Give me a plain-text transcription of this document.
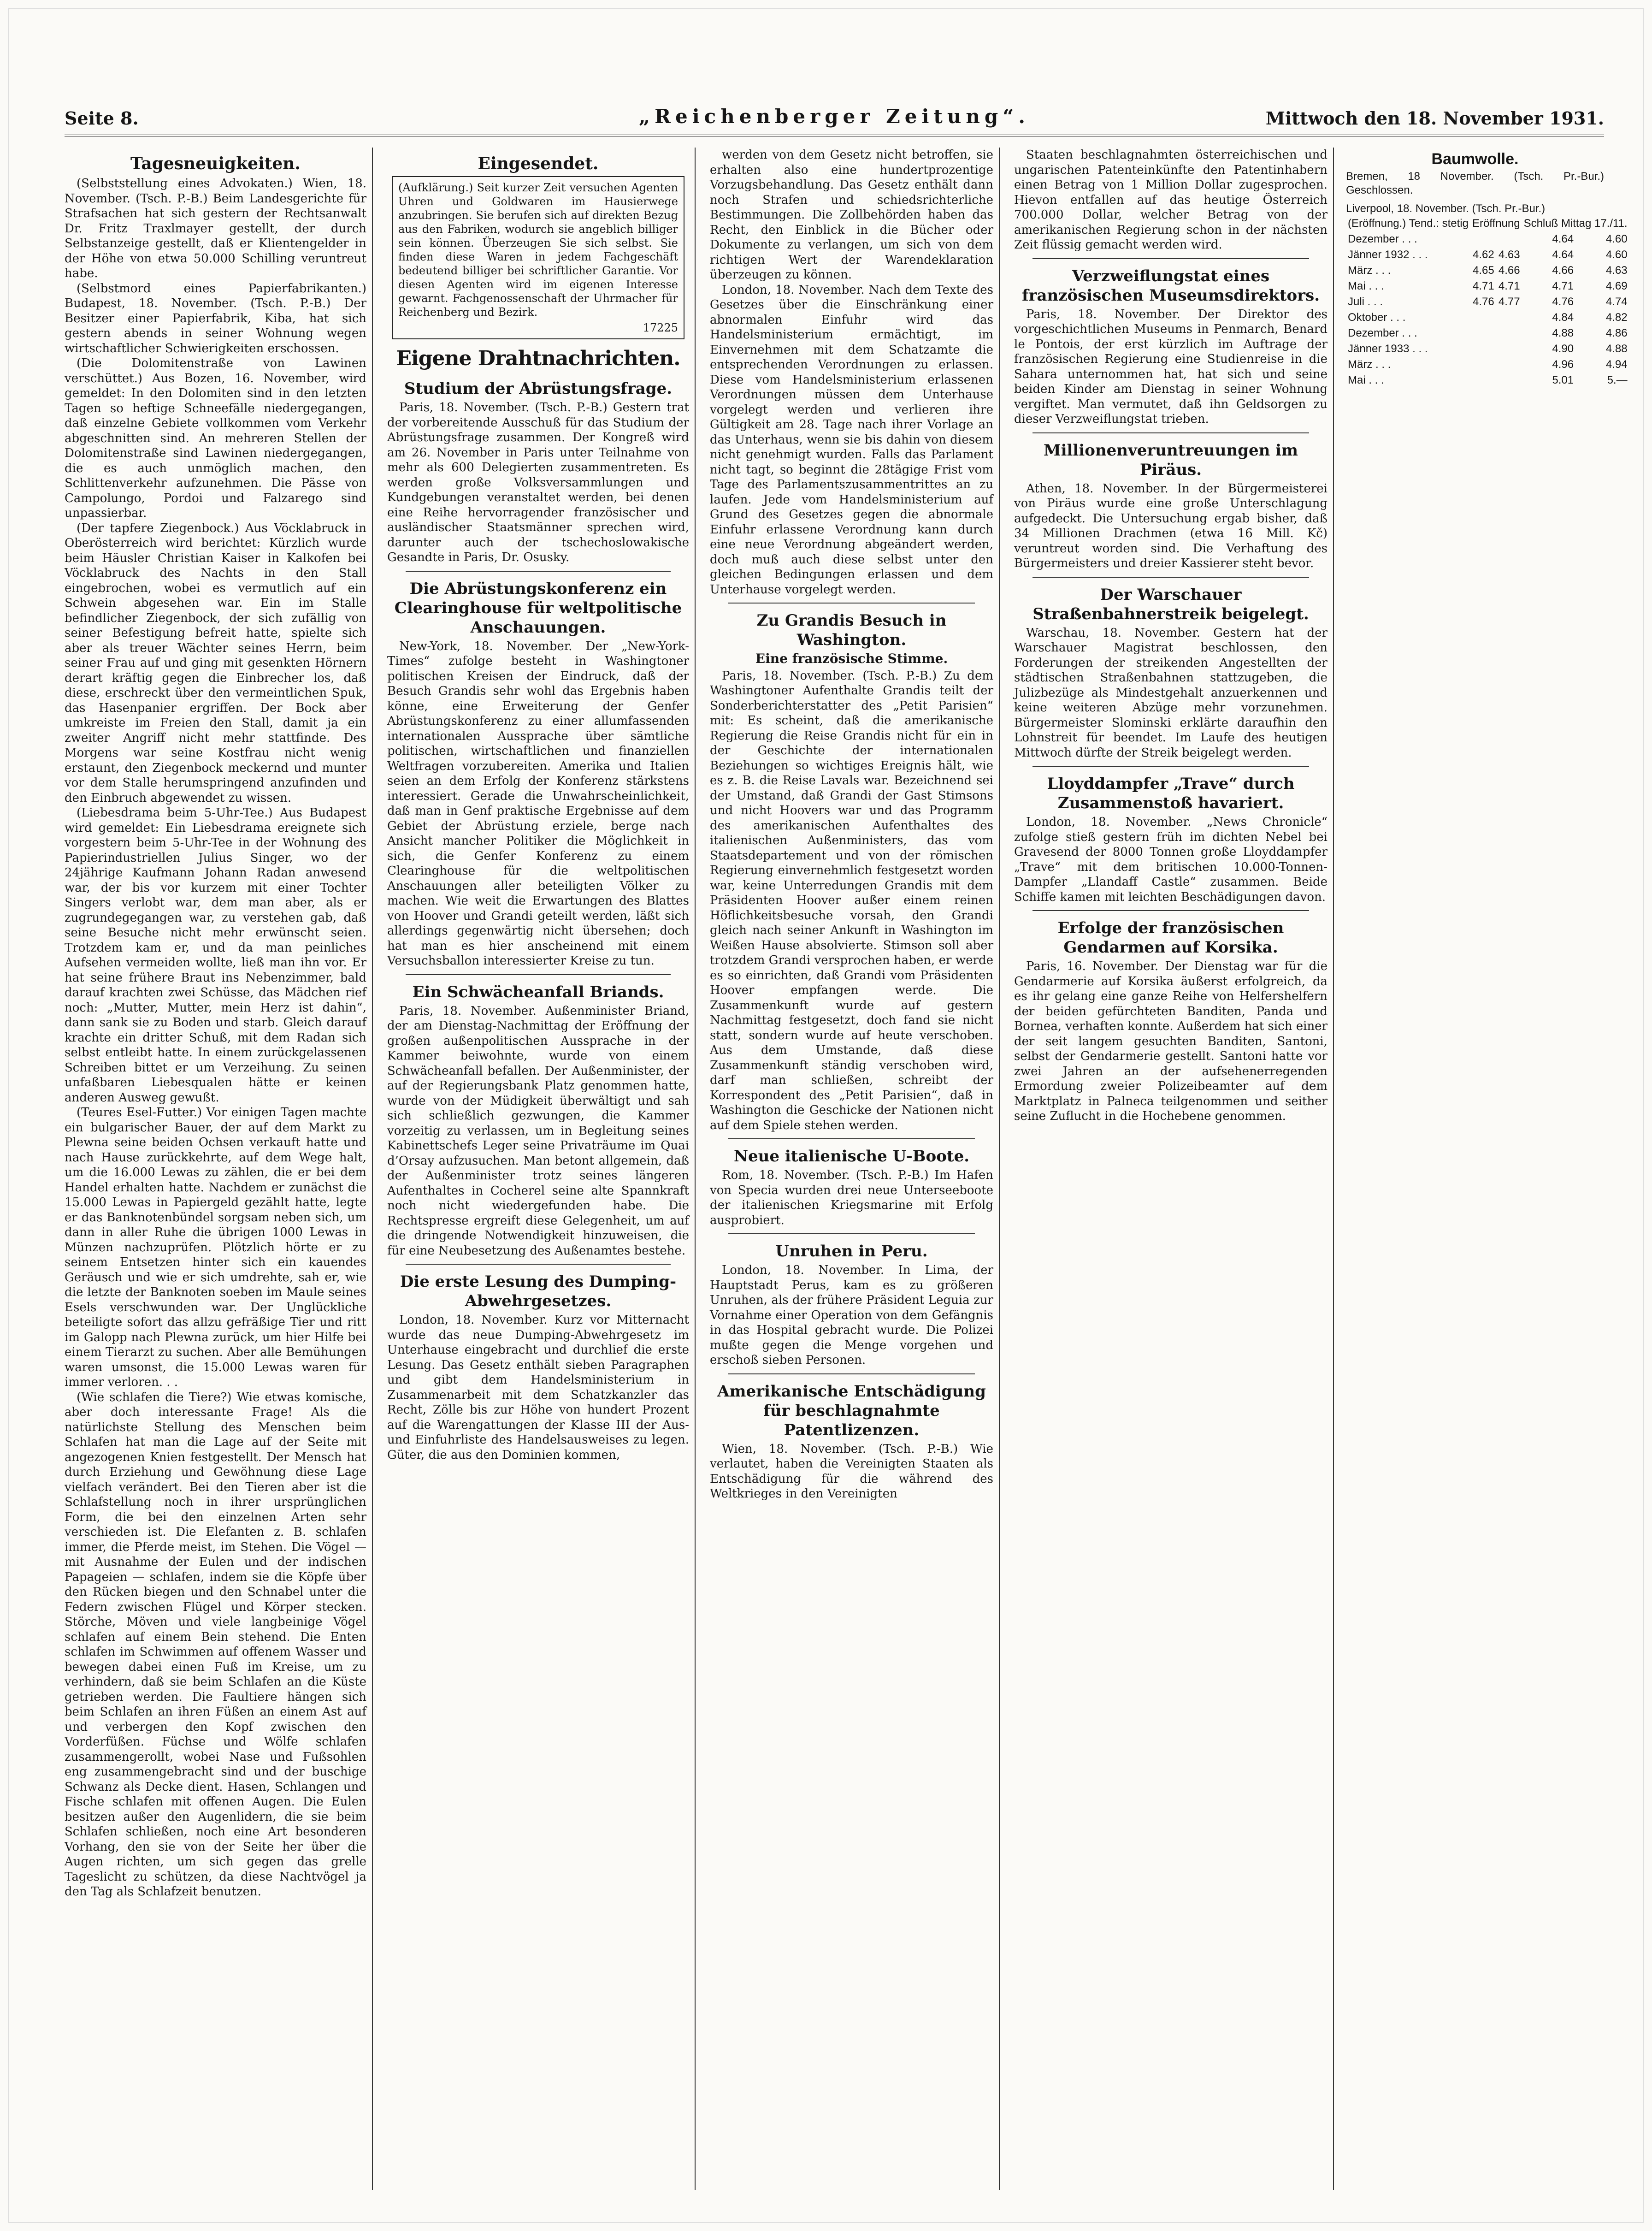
Seite 8.	„Reichenberger Zeitung“.	Mittwoch den 18. November 1931.
Tagesneuigkeiten.

(Selbststellung eines Advokaten.) Wien, 18. November. (Tsch. P.-B.) Beim Landesgerichte für Strafsachen hat sich gestern der Rechtsanwalt Dr. Fritz Traxlmayer gestellt, der durch Selbstanzeige gestellt, daß er Klientengelder in der Höhe von etwa 50.000 Schilling veruntreut habe.

(Selbstmord eines Papierfabrikanten.) Budapest, 18. November. (Tsch. P.-B.) Der Besitzer einer Papierfabrik, Kiba, hat sich gestern abends in seiner Wohnung wegen wirtschaftlicher Schwierigkeiten erschossen.

(Die Dolomitenstraße von Lawinen verschüttet.) Aus Bozen, 16. November, wird gemeldet: In den Dolomiten sind in den letzten Tagen so heftige Schneefälle niedergegangen, daß einzelne Gebiete vollkommen vom Verkehr abgeschnitten sind. An mehreren Stellen der Dolomitenstraße sind Lawinen niedergegangen, die es auch unmöglich machen, den Schlittenverkehr aufzunehmen. Die Pässe von Campolungo, Pordoi und Falzarego sind unpassierbar.

(Der tapfere Ziegenbock.) Aus Vöcklabruck in Oberösterreich wird berichtet: Kürzlich wurde beim Häusler Christian Kaiser in Kalkofen bei Vöcklabruck des Nachts in den Stall eingebrochen, wobei es vermutlich auf ein Schwein abgesehen war. Ein im Stalle befindlicher Ziegenbock, der sich zufällig von seiner Befestigung befreit hatte, spielte sich aber als treuer Wächter seines Herrn, beim seiner Frau auf und ging mit gesenkten Hörnern derart kräftig gegen die Einbrecher los, daß diese, erschreckt über den vermeintlichen Spuk, das Hasenpanier ergriffen. Der Bock aber umkreiste im Freien den Stall, damit ja ein zweiter Angriff nicht mehr stattfinde. Des Morgens war seine Kostfrau nicht wenig erstaunt, den Ziegenbock meckernd und munter vor dem Stalle herumspringend anzufinden und den Einbruch abgewendet zu wissen.

(Liebesdrama beim 5-Uhr-Tee.) Aus Budapest wird gemeldet: Ein Liebesdrama ereignete sich vorgestern beim 5-Uhr-Tee in der Wohnung des Papierindustriellen Julius Singer, wo der 24jährige Kaufmann Johann Radan anwesend war, der bis vor kurzem mit einer Tochter Singers verlobt war, dem man aber, als er zugrundegegangen war, zu verstehen gab, daß seine Besuche nicht mehr erwünscht seien. Trotzdem kam er, und da man peinliches Aufsehen vermeiden wollte, ließ man ihn vor. Er hat seine frühere Braut ins Nebenzimmer, bald darauf krachten zwei Schüsse, das Mädchen rief noch: „Mutter, Mutter, mein Herz ist dahin“, dann sank sie zu Boden und starb. Gleich darauf krachte ein dritter Schuß, mit dem Radan sich selbst entleibt hatte. In einem zurückgelassenen Schreiben bittet er um Verzeihung. Zu seinen unfaßbaren Liebesqualen hätte er keinen anderen Ausweg gewußt.

(Teures Esel-Futter.) Vor einigen Tagen machte ein bulgarischer Bauer, der auf dem Markt zu Plewna seine beiden Ochsen verkauft hatte und nach Hause zurückkehrte, auf dem Wege halt, um die 16.000 Lewas zu zählen, die er bei dem Handel erhalten hatte. Nachdem er zunächst die 15.000 Lewas in Papiergeld gezählt hatte, legte er das Banknotenbündel sorgsam neben sich, um dann in aller Ruhe die übrigen 1000 Lewas in Münzen nachzuprüfen. Plötzlich hörte er zu seinem Entsetzen hinter sich ein kauendes Geräusch und wie er sich umdrehte, sah er, wie die letzte der Banknoten soeben im Maule seines Esels verschwunden war. Der Unglückliche beteiligte sofort das allzu gefräßige Tier und ritt im Galopp nach Plewna zurück, um hier Hilfe bei einem Tierarzt zu suchen. Aber alle Bemühungen waren umsonst, die 15.000 Lewas waren für immer verloren. . .

(Wie schlafen die Tiere?) Wie etwas komische, aber doch interessante Frage! Als die natürlichste Stellung des Menschen beim Schlafen hat man die Lage auf der Seite mit angezogenen Knien festgestellt. Der Mensch hat durch Erziehung und Gewöhnung diese Lage vielfach verändert. Bei den Tieren aber ist die Schlafstellung noch in ihrer ursprünglichen Form, die bei den einzelnen Arten sehr verschieden ist. Die Elefanten z. B. schlafen immer, die Pferde meist, im Stehen. Die Vögel — mit Ausnahme der Eulen und der indischen Papageien — schlafen, indem sie die Köpfe über den Rücken biegen und den Schnabel unter die Federn zwischen Flügel und Körper stecken. Störche, Möven und viele langbeinige Vögel schlafen auf einem Bein stehend. Die Enten schlafen im Schwimmen auf offenem Wasser und bewegen dabei einen Fuß im Kreise, um zu verhindern, daß sie beim Schlafen an die Küste getrieben werden. Die Faultiere hängen sich beim Schlafen an ihren Füßen an einem Ast auf und verbergen den Kopf zwischen den Vorderfüßen. Füchse und Wölfe schlafen zusammengerollt, wobei Nase und Fußsohlen eng zusammengebracht sind und der buschige Schwanz als Decke dient. Hasen, Schlangen und Fische schlafen mit offenen Augen. Die Eulen besitzen außer den Augenlidern, die sie beim Schlafen schließen, noch eine Art besonderen Vorhang, den sie von der Seite her über die Augen richten, um sich gegen das grelle Tageslicht zu schützen, da diese Nachtvögel ja den Tag als Schlafzeit benutzen.

Eingesendet.
(Aufklärung.) Seit kurzer Zeit versuchen Agenten Uhren und Goldwaren im Hausierwege anzubringen. Sie berufen sich auf direkten Bezug aus den Fabriken, wodurch sie angeblich billiger sein können. Überzeugen Sie sich selbst. Sie finden diese Waren in jedem Fachgeschäft bedeutend billiger bei schriftlicher Garantie. Vor diesen Agenten wird im eigenen Interesse gewarnt. Fachgenossenschaft der Uhrmacher für Reichenberg und Bezirk.
17225
Eigene Drahtnachrichten.
Studium der Abrüstungsfrage.

Paris, 18. November. (Tsch. P.-B.) Gestern trat der vorbereitende Ausschuß für das Studium der Abrüstungsfrage zusammen. Der Kongreß wird am 26. November in Paris unter Teilnahme von mehr als 600 Delegierten zusammentreten. Es werden große Volksversammlungen und Kundgebungen veranstaltet werden, bei denen eine Reihe hervorragender französischer und ausländischer Staatsmänner sprechen wird, darunter auch der tschechoslowakische Gesandte in Paris, Dr. Osusky.

Die Abrüstungskonferenz ein Clearinghouse für weltpolitische Anschauungen.

New-York, 18. November. Der „New-York-Times“ zufolge besteht in Washingtoner politischen Kreisen der Eindruck, daß der Besuch Grandis sehr wohl das Ergebnis haben könne, eine Erweiterung der Genfer Abrüstungskonferenz zu einer allumfassenden internationalen Aussprache über sämtliche politischen, wirtschaftlichen und finanziellen Weltfragen vorzubereiten. Amerika und Italien seien an dem Erfolg der Konferenz stärkstens interessiert. Gerade die Unwahrscheinlichkeit, daß man in Genf praktische Ergebnisse auf dem Gebiet der Abrüstung erziele, berge nach Ansicht mancher Politiker die Möglichkeit in sich, die Genfer Konferenz zu einem Clearinghouse für die weltpolitischen Anschauungen aller beteiligten Völker zu machen. Wie weit die Erwartungen des Blattes von Hoover und Grandi geteilt werden, läßt sich allerdings gegenwärtig nicht übersehen; doch hat man es hier anscheinend mit einem Versuchsballon interessierter Kreise zu tun.

Ein Schwächeanfall Briands.

Paris, 18. November. Außenminister Briand, der am Dienstag-Nachmittag der Eröffnung der großen außenpolitischen Aussprache in der Kammer beiwohnte, wurde von einem Schwächeanfall befallen. Der Außenminister, der auf der Regierungsbank Platz genommen hatte, wurde von der Müdigkeit überwältigt und sah sich schließlich gezwungen, die Kammer vorzeitig zu verlassen, um in Begleitung seines Kabinettschefs Leger seine Privaträume im Quai d’Orsay aufzusuchen. Man betont allgemein, daß der Außenminister trotz seines längeren Aufenthaltes in Cocherel seine alte Spannkraft noch nicht wiedergefunden habe. Die Rechtspresse ergreift diese Gelegenheit, um auf die dringende Notwendigkeit hinzuweisen, die für eine Neubesetzung des Außenamtes bestehe.

Die erste Lesung des Dumping-Abwehrgesetzes.

London, 18. November. Kurz vor Mitternacht wurde das neue Dumping-Abwehrgesetz im Unterhause eingebracht und durchlief die erste Lesung. Das Gesetz enthält sieben Paragraphen und gibt dem Handelsministerium in Zusammenarbeit mit dem Schatzkanzler das Recht, Zölle bis zur Höhe von hundert Prozent auf die Warengattungen der Klasse III der Aus- und Einfuhrliste des Handelsausweises zu legen. Güter, die aus den Dominien kommen,

werden von dem Gesetz nicht betroffen, sie erhalten also eine hundertprozentige Vorzugsbehandlung. Das Gesetz enthält dann noch Strafen und schiedsrichterliche Bestimmungen. Die Zollbehörden haben das Recht, den Einblick in die Bücher oder Dokumente zu verlangen, um sich von dem richtigen Wert der Warendeklaration überzeugen zu können.

London, 18. November. Nach dem Texte des Gesetzes über die Einschränkung einer abnormalen Einfuhr wird das Handelsministerium ermächtigt, im Einvernehmen mit dem Schatzamte die entsprechenden Verordnungen zu erlassen. Diese vom Handelsministerium erlassenen Verordnungen müssen dem Unterhause vorgelegt werden und verlieren ihre Gültigkeit am 28. Tage nach ihrer Vorlage an das Unterhaus, wenn sie bis dahin von diesem nicht genehmigt wurden. Falls das Parlament nicht tagt, so beginnt die 28tägige Frist vom Tage des Parlamentszusammentrittes an zu laufen. Jede vom Handelsministerium auf Grund des Gesetzes gegen die abnormale Einfuhr erlassene Verordnung kann durch eine neue Verordnung abgeändert werden, doch muß auch diese selbst unter den gleichen Bedingungen erlassen und dem Unterhause vorgelegt werden.

Zu Grandis Besuch in Washington.
Eine französische Stimme.

Paris, 18. November. (Tsch. P.-B.) Zu dem Washingtoner Aufenthalte Grandis teilt der Sonderberichterstatter des „Petit Parisien“ mit: Es scheint, daß die amerikanische Regierung die Reise Grandis nicht für ein in der Geschichte der internationalen Beziehungen so wichtiges Ereignis hält, wie es z. B. die Reise Lavals war. Bezeichnend sei der Umstand, daß Grandi der Gast Stimsons und nicht Hoovers war und das Programm des amerikanischen Aufenthaltes des italienischen Außenministers, das vom Staatsdepartement und von der römischen Regierung einvernehmlich festgesetzt worden war, keine Unterredungen Grandis mit dem Präsidenten Hoover außer einem reinen Höflichkeitsbesuche vorsah, den Grandi gleich nach seiner Ankunft in Washington im Weißen Hause absolvierte. Stimson soll aber trotzdem Grandi versprochen haben, er werde es so einrichten, daß Grandi vom Präsidenten Hoover empfangen werde. Die Zusammenkunft wurde auf gestern Nachmittag festgesetzt, doch fand sie nicht statt, sondern wurde auf heute verschoben. Aus dem Umstande, daß diese Zusammenkunft ständig verschoben wird, darf man schließen, schreibt der Korrespondent des „Petit Parisien“, daß in Washington die Geschicke der Nationen nicht auf dem Spiele stehen werden.

Neue italienische U-Boote.

Rom, 18. November. (Tsch. P.-B.) Im Hafen von Specia wurden drei neue Unterseeboote der italienischen Kriegsmarine mit Erfolg ausprobiert.

Unruhen in Peru.

London, 18. November. In Lima, der Hauptstadt Perus, kam es zu größeren Unruhen, als der frühere Präsident Leguia zur Vornahme einer Operation von dem Gefängnis in das Hospital gebracht wurde. Die Polizei mußte gegen die Menge vorgehen und erschoß sieben Personen.

Amerikanische Entschädigung für beschlagnahmte Patentlizenzen.

Wien, 18. November. (Tsch. P.-B.) Wie verlautet, haben die Vereinigten Staaten als Entschädigung für die während des Weltkrieges in den Vereinigten

Staaten beschlagnahmten österreichischen und ungarischen Patenteinkünfte den Patentinhabern einen Betrag von 1 Million Dollar zugesprochen. Hievon entfallen auf das heutige Österreich 700.000 Dollar, welcher Betrag von der amerikanischen Regierung schon in der nächsten Zeit flüssig gemacht werden wird.

Verzweiflungstat eines französischen Museumsdirektors.

Paris, 18. November. Der Direktor des vorgeschichtlichen Museums in Penmarch, Benard le Pontois, der erst kürzlich im Auftrage der französischen Regierung eine Studienreise in die Sahara unternommen hat, hat sich und seine beiden Kinder am Dienstag in seiner Wohnung vergiftet. Man vermutet, daß ihn Geldsorgen zu dieser Verzweiflungstat trieben.

Millionenveruntreuungen im Piräus.

Athen, 18. November. In der Bürgermeisterei von Piräus wurde eine große Unterschlagung aufgedeckt. Die Untersuchung ergab bisher, daß 34 Millionen Drachmen (etwa 16 Mill. Kč) veruntreut worden sind. Die Verhaftung des Bürgermeisters und dreier Kassierer steht bevor.

Der Warschauer Straßenbahnerstreik beigelegt.

Warschau, 18. November. Gestern hat der Warschauer Magistrat beschlossen, den Forderungen der streikenden Angestellten der städtischen Straßenbahnen stattzugeben, die Julizbezüge als Mindestgehalt anzuerkennen und keine weiteren Abzüge mehr vorzunehmen. Bürgermeister Slominski erklärte daraufhin den Lohnstreit für beendet. Im Laufe des heutigen Mittwoch dürfte der Streik beigelegt werden.

Lloyddampfer „Trave“ durch Zusammenstoß havariert.

London, 18. November. „News Chronicle“ zufolge stieß gestern früh im dichten Nebel bei Gravesend der 8000 Tonnen große Lloyddampfer „Trave“ mit dem britischen 10.000-Tonnen-Dampfer „Llandaff Castle“ zusammen. Beide Schiffe kamen mit leichten Beschädigungen davon.

Erfolge der französischen Gendarmen auf Korsika.

Paris, 16. November. Der Dienstag war für die Gendarmerie auf Korsika äußerst erfolgreich, da es ihr gelang eine ganze Reihe von Helfershelfern der beiden gefürchteten Banditen, Panda und Bornea, verhaften konnte. Außerdem hat sich einer der seit langem gesuchten Banditen, Santoni, selbst der Gendarmerie gestellt. Santoni hatte vor zwei Jahren an der aufsehenerregenden Ermordung zweier Polizeibeamter auf dem Marktplatz in Palneca teilgenommen und seither seine Zuflucht in die Hochebene genommen.

Baumwolle.

Bremen, 18 November. (Tsch. Pr.-Bur.) Geschlossen.

Liverpool, 18. November. (Tsch. Pr.-Bur.)

(Eröffnung.) Tend.: stetig	Eröffnung		Schluß Mittag 17./11.	
Dezember . . .			4.64	4.60
Jänner 1932 . . .	4.62	4.63	4.64	4.60
März . . .	4.65	4.66	4.66	4.63
Mai . . .	4.71	4.71	4.71	4.69
Juli . . .	4.76	4.77	4.76	4.74
Oktober . . .			4.84	4.82
Dezember . . .			4.88	4.86
Jänner 1933 . . .			4.90	4.88
März . . .			4.96	4.94
Mai . . .			5.01	5.—
